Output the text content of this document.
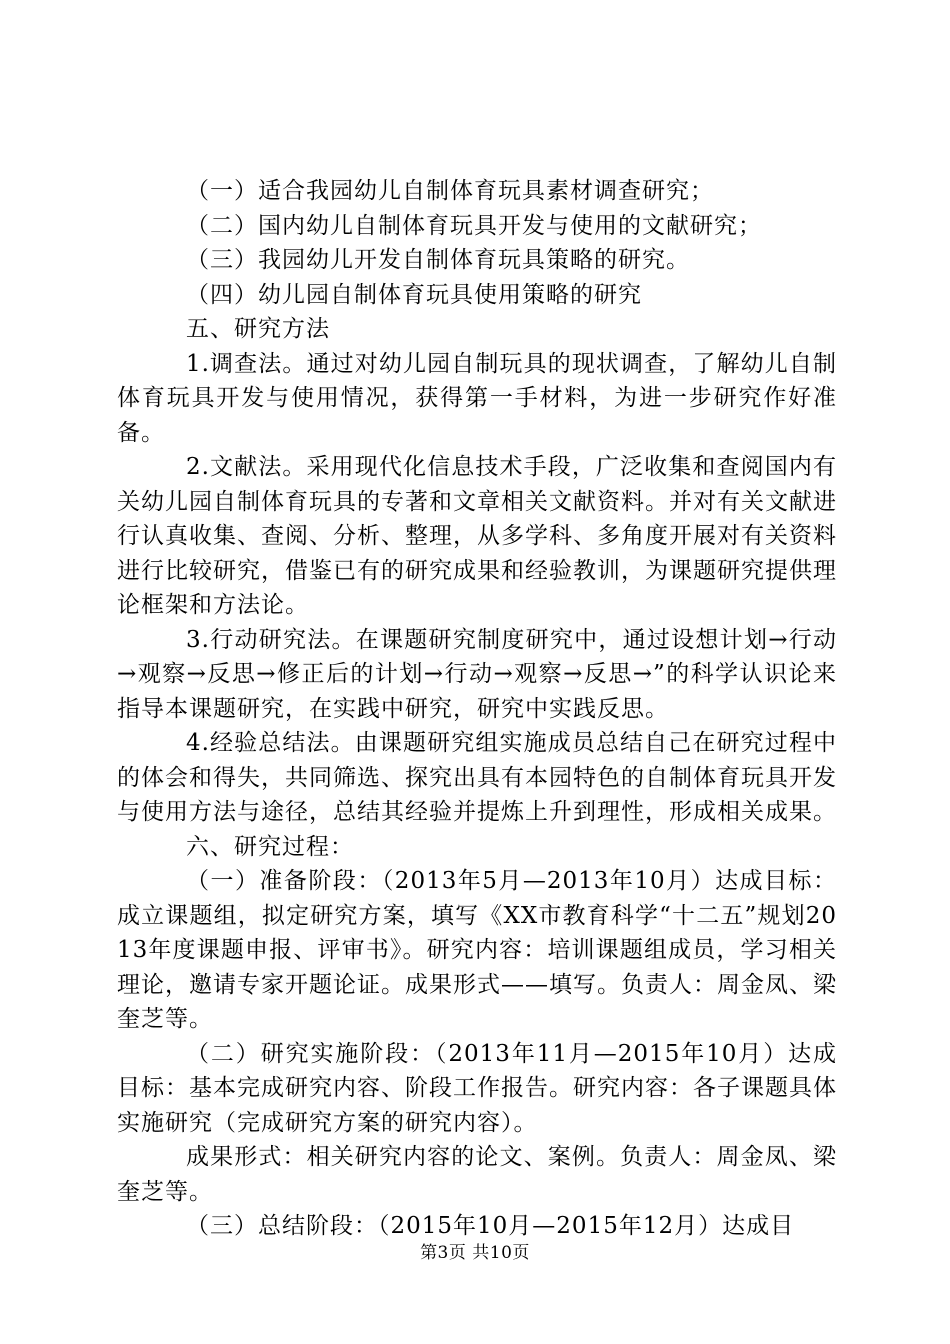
（一）适合我园幼儿自制体育玩具素材调查研究；

（二）国内幼儿自制体育玩具开发与使用的文献研究；

（三）我园幼儿开发自制体育玩具策略的研究。

（四）幼儿园自制体育玩具使用策略的研究

五、研究方法

1.调查法。通过对幼儿园自制玩具的现状调查，了解幼儿自制体育玩具开发与使用情况，获得第一手材料，为进一步研究作好准备。

2.文献法。采用现代化信息技术手段，广泛收集和查阅国内有关幼儿园自制体育玩具的专著和文章相关文献资料。并对有关文献进行认真收集、查阅、分析、整理，从多学科、多角度开展对有关资料进行比较研究，借鉴已有的研究成果和经验教训，为课题研究提供理论框架和方法论。

3.行动研究法。在课题研究制度研究中，通过设想计划→行动→观察→反思→修正后的计划→行动→观察→反思→”的科学认识论来指导本课题研究，在实践中研究，研究中实践反思。

4.经验总结法。由课题研究组实施成员总结自己在研究过程中的体会和得失，共同筛选、探究出具有本园特色的自制体育玩具开发与使用方法与途径，总结其经验并提炼上升到理性，形成相关成果。

六、研究过程：

（一）准备阶段：（2013年5月—2013年10月）达成目标：成立课题组，拟定研究方案，填写《XX市教育科学“十二五”规划2013年度课题申报、评审书》。研究内容：培训课题组成员，学习相关理论，邀请专家开题论证。成果形式——填写。负责人：周金凤、梁奎芝等。

（二）研究实施阶段：（2013年11月—2015年10月）达成目标：基本完成研究内容、阶段工作报告。研究内容：各子课题具体实施研究（完成研究方案的研究内容）。

成果形式：相关研究内容的论文、案例。负责人：周金凤、梁奎芝等。

（三）总结阶段：（2015年10月—2015年12月）达成目

第3页 共10页
